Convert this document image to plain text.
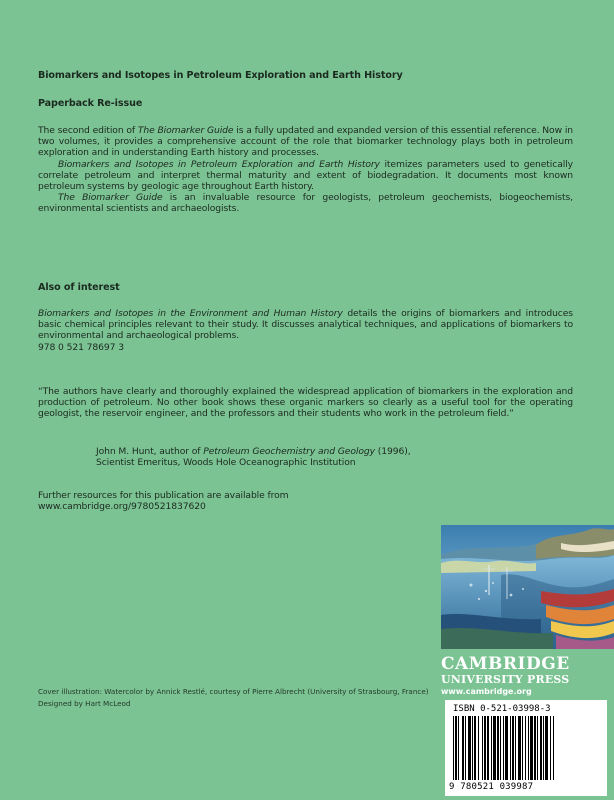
Biomarkers and Isotopes in Petroleum Exploration and Earth History

Paperback Re-issue

The second edition of The Biomarker Guide is a fully updated and expanded version of this essential reference. Now in two volumes, it provides a comprehensive account of the role that biomarker technology plays both in petroleum exploration and in understanding Earth history and processes.

Biomarkers and Isotopes in Petroleum Exploration and Earth History itemizes parameters used to genetically correlate petroleum and interpret thermal maturity and extent of biodegradation. It documents most known petroleum systems by geologic age throughout Earth history.

The Biomarker Guide is an invaluable resource for geologists, petroleum geochemists, biogeochemists, environmental scientists and archaeologists.

Also of interest

Biomarkers and Isotopes in the Environment and Human History details the origins of biomarkers and introduces basic chemical principles relevant to their study. It discusses analytical techniques, and applications of biomarkers to environmental and archaeological problems.

978 0 521 78697 3

“The authors have clearly and thoroughly explained the widespread application of biomarkers in the exploration and production of petroleum. No other book shows these organic markers so clearly as a useful tool for the operating geologist, the reservoir engineer, and the professors and their students who work in the petroleum field.”

John M. Hunt, author of Petroleum Geochemistry and Geology (1996),

Scientist Emeritus, Woods Hole Oceanographic Institution

Further resources for this publication are available from

www.cambridge.org/9780521837620

Cover illustration: Watercolor by Annick Restlé, courtesy of Pierre Albrecht (University of Strasbourg, France)
Designed by Hart McLeod
CAMBRIDGE
UNIVERSITY PRESS
www.cambridge.org
ISBN 0-521-03998-3
9 780521 039987
